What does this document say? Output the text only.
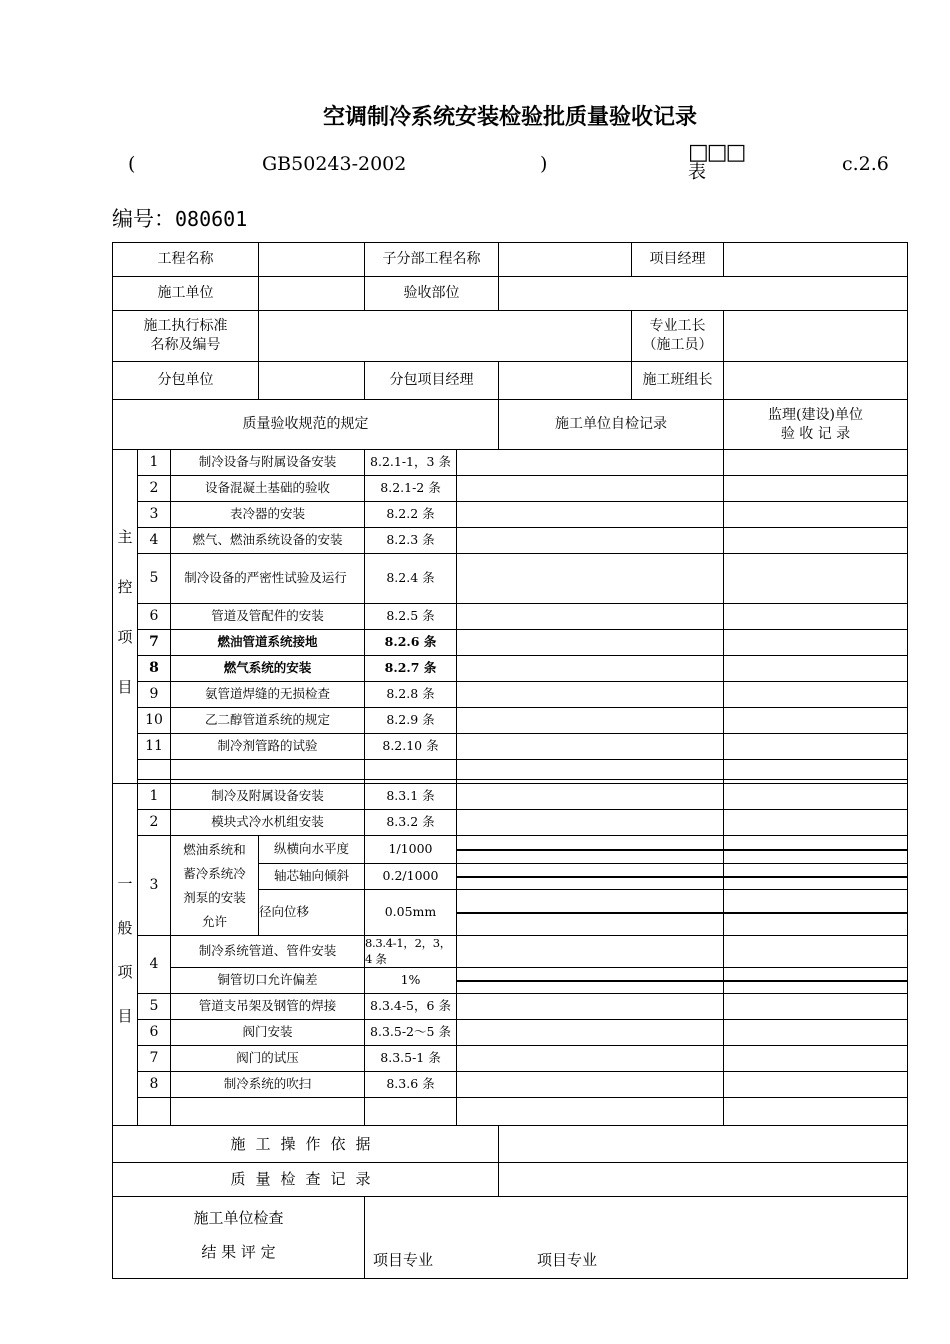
空调制冷系统安装检验批质量验收记录
(	GB50243-2002	)	□□□
表	c.2.6
编号：080601
工程名称		子分部工程名称		项目经理	
施工单位		验收部位	

施工执行标准
名称及编号

专业工长
（施工员）

分包单位		分包项目经理		施工班组长	
质量验收规范的规定	施工单位自检记录	
监理(建设)单位
验 收 记 录

主
控
项
目
	1	制冷设备与附属设备安装	8.2.1-1，3 条		
2	设备混凝土基础的验收	8.2.1-2 条		
3	表冷器的安装	8.2.2 条		
4	燃气、燃油系统设备的安装	8.2.3 条		
5	制冷设备的严密性试验及运行	8.2.4 条		
6	管道及管配件的安装	8.2.5 条		
7	燃油管道系统接地	8.2.6 条		
8	燃气系统的安装	8.2.7 条		
9	氨管道焊缝的无损检查	8.2.8 条		
10	乙二醇管道系统的规定	8.2.9 条		
11	制冷剂管路的试验	8.2.10 条		

一
般
项
目
	1	制冷及附属设备安装	8.3.1 条		
2	模块式冷水机组安装	8.3.2 条		
3	
燃油系统和
蓄冷系统冷
剂泵的安装
允许
	纵横向水平度	1/1000	

轴芯轴向倾斜	0.2/1000	

径向位移	0.05mm	

4	制冷系统管道、管件安装	8.3.4-1，2，3，4 条		
铜管切口允许偏差	1%	

5	管道支吊架及钢管的焊接	8.3.4-5，6 条		
6	阀门安装	8.3.5-2～5 条		
7	阀门的试压	8.3.5-1 条		
8	制冷系统的吹扫	8.3.6 条		

施工操作依据	
质量检查记录	

施工单位检查
结 果 评 定	项目专业	项目专业
